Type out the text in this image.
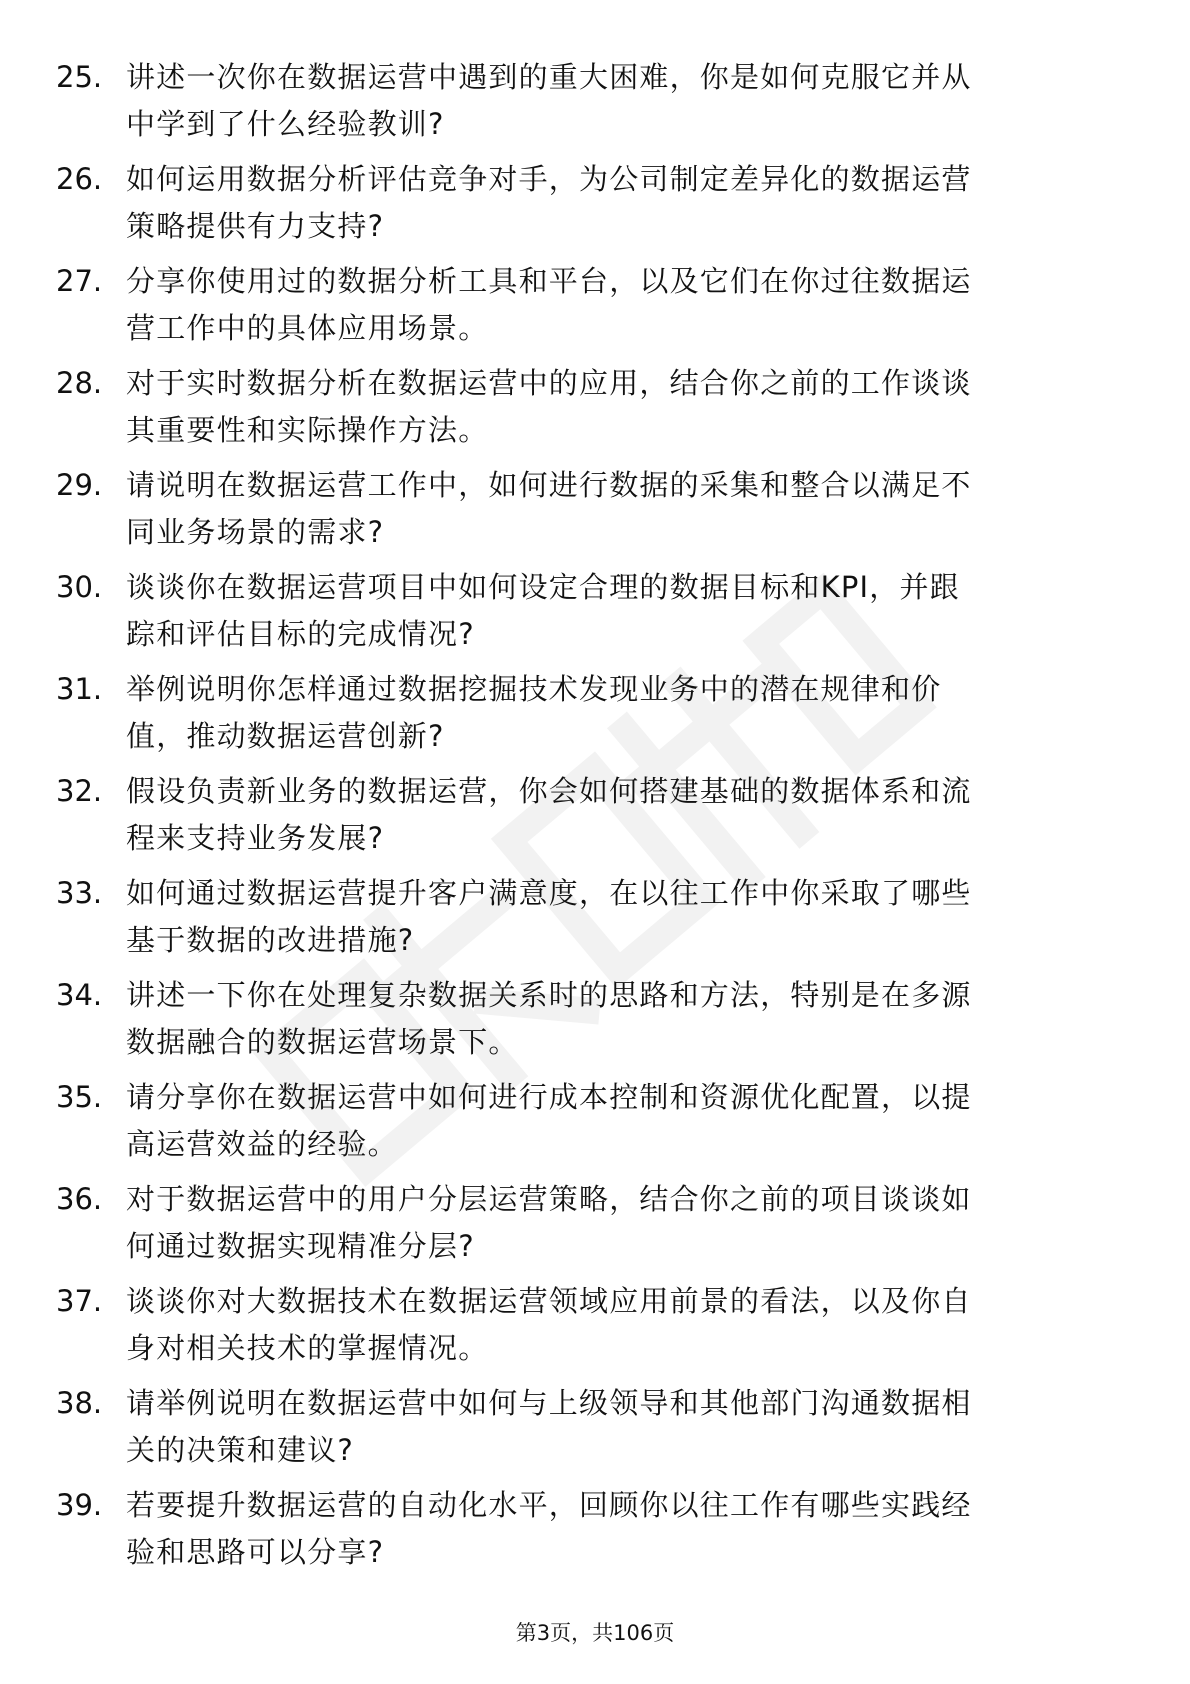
25. 讲述一次你在数据运营中遇到的重大困难，你是如何克服它并从
中学到了什么经验教训?
26. 如何运用数据分析评估竞争对手，为公司制定差异化的数据运营
策略提供有力支持?
27. 分享你使用过的数据分析工具和平台，以及它们在你过往数据运
营工作中的具体应用场景。
28. 对于实时数据分析在数据运营中的应用，结合你之前的工作谈谈
其重要性和实际操作方法。
29. 请说明在数据运营工作中，如何进行数据的采集和整合以满足不
同业务场景的需求?
30. 谈谈你在数据运营项目中如何设定合理的数据目标和KPI，并跟
踪和评估目标的完成情况?
31. 举例说明你怎样通过数据挖掘技术发现业务中的潜在规律和价
值，推动数据运营创新?
32. 假设负责新业务的数据运营，你会如何搭建基础的数据体系和流
程来支持业务发展?
33. 如何通过数据运营提升客户满意度，在以往工作中你采取了哪些
基于数据的改进措施?
34. 讲述一下你在处理复杂数据关系时的思路和方法，特别是在多源
数据融合的数据运营场景下。
35. 请分享你在数据运营中如何进行成本控制和资源优化配置，以提
高运营效益的经验。
36. 对于数据运营中的用户分层运营策略，结合你之前的项目谈谈如
何通过数据实现精准分层?
37. 谈谈你对大数据技术在数据运营领域应用前景的看法，以及你自
身对相关技术的掌握情况。
38. 请举例说明在数据运营中如何与上级领导和其他部门沟通数据相
关的决策和建议?
39. 若要提升数据运营的自动化水平，回顾你以往工作有哪些实践经
验和思路可以分享?
第3页，共106页
